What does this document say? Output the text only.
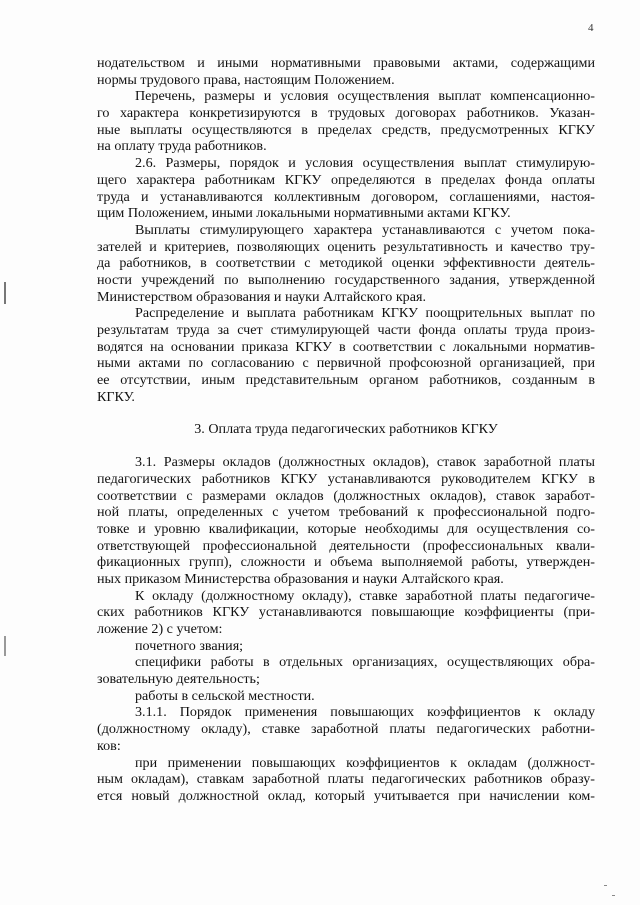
4
нодательством и иными нормативными правовыми актами, содержащими
нормы трудового права, настоящим Положением.
Перечень, размеры и условия осуществления выплат компенсационно-
го характера конкретизируются в трудовых договорах работников. Указан-
ные выплаты осуществляются в пределах средств, предусмотренных КГКУ
на оплату труда работников.
2.6. Размеры, порядок и условия осуществления выплат стимулирую-
щего характера работникам КГКУ определяются в пределах фонда оплаты
труда и устанавливаются коллективным договором, соглашениями, настоя-
щим Положением, иными локальными нормативными актами КГКУ.
Выплаты стимулирующего характера устанавливаются с учетом пока-
зателей и критериев, позволяющих оценить результативность и качество тру-
да работников, в соответствии с методикой оценки эффективности деятель-
ности учреждений по выполнению государственного задания, утвержденной
Министерством образования и науки Алтайского края.
Распределение и выплата работникам КГКУ поощрительных выплат по
результатам труда за счет стимулирующей части фонда оплаты труда произ-
водятся на основании приказа КГКУ в соответствии с локальными норматив-
ными актами по согласованию с первичной профсоюзной организацией, при
ее отсутствии, иным представительным органом работников, созданным в
КГКУ.
3. Оплата труда педагогических работников КГКУ
3.1. Размеры окладов (должностных окладов), ставок заработной платы
педагогических работников КГКУ устанавливаются руководителем КГКУ в
соответствии с размерами окладов (должностных окладов), ставок заработ-
ной платы, определенных с учетом требований к профессиональной подго-
товке и уровню квалификации, которые необходимы для осуществления со-
ответствующей профессиональной деятельности (профессиональных квали-
фикационных групп), сложности и объема выполняемой работы, утвержден-
ных приказом Министерства образования и науки Алтайского края.
К окладу (должностному окладу), ставке заработной платы педагогиче-
ских работников КГКУ устанавливаются повышающие коэффициенты (при-
ложение 2) с учетом:
почетного звания;
специфики работы в отдельных организациях, осуществляющих обра-
зовательную деятельность;
работы в сельской местности.
3.1.1. Порядок применения повышающих коэффициентов к окладу
(должностному окладу), ставке заработной платы педагогических работни-
ков:
при применении повышающих коэффициентов к окладам (должност-
ным окладам), ставкам заработной платы педагогических работников образу-
ется новый должностной оклад, который учитывается при начислении ком-
